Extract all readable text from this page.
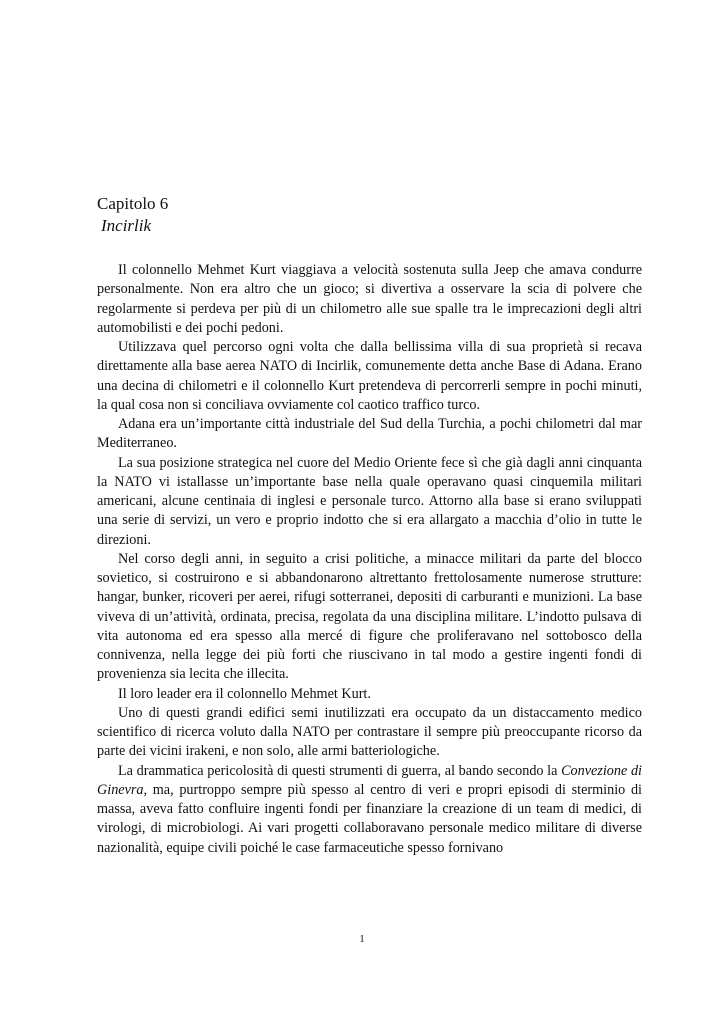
Capitolo 6
Incirlik

Il colonnello Mehmet Kurt viaggiava a velocità sostenuta sulla Jeep che amava condurre personalmente. Non era altro che un gioco; si divertiva a osservare la scia di polvere che regolarmente si perdeva per più di un chilometro alle sue spalle tra le imprecazioni degli altri automobilisti e dei pochi pedoni.

Utilizzava quel percorso ogni volta che dalla bellissima villa di sua proprietà si recava direttamente alla base aerea NATO di Incirlik, comunemente detta anche Base di Adana. Erano una decina di chilometri e il colonnello Kurt pretendeva di percorrerli sempre in pochi minuti, la qual cosa non si conciliava ovviamente col caotico traffico turco.

Adana era un’importante città industriale del Sud della Turchia, a pochi chilometri dal mar Mediterraneo.

La sua posizione strategica nel cuore del Medio Oriente fece sì che già dagli anni cinquanta la NATO vi istallasse un’importante base nella quale operavano quasi cinquemila militari americani, alcune centinaia di inglesi e personale turco. Attorno alla base si erano sviluppati una serie di servizi, un vero e proprio indotto che si era allargato a macchia d’olio in tutte le direzioni.

Nel corso degli anni, in seguito a crisi politiche, a minacce militari da parte del blocco sovietico, si costruirono e si abbandonarono altrettanto frettolosamente numerose strutture: hangar, bunker, ricoveri per aerei, rifugi sotterranei, depositi di carburanti e munizioni. La base viveva di un’attività, ordinata, precisa, regolata da una disciplina militare. L’indotto pulsava di vita autonoma ed era spesso alla mercé di figure che proliferavano nel sottobosco della connivenza, nella legge dei più forti che riuscivano in tal modo a gestire ingenti fondi di provenienza sia lecita che illecita.

Il loro leader era il colonnello Mehmet Kurt.

Uno di questi grandi edifici semi inutilizzati era occupato da un distaccamento medico scientifico di ricerca voluto dalla NATO per contrastare il sempre più preoccupante ricorso da parte dei vicini irakeni, e non solo, alle armi batteriologiche.

La drammatica pericolosità di questi strumenti di guerra, al bando secondo la Convezione di Ginevra, ma, purtroppo sempre più spesso al centro di veri e propri episodi di sterminio di massa, aveva fatto confluire ingenti fondi per finanziare la creazione di un team di medici, di virologi, di microbiologi. Ai vari progetti collaboravano personale medico militare di diverse nazionalità, equipe civili poiché le case farmaceutiche spesso fornivano

1
